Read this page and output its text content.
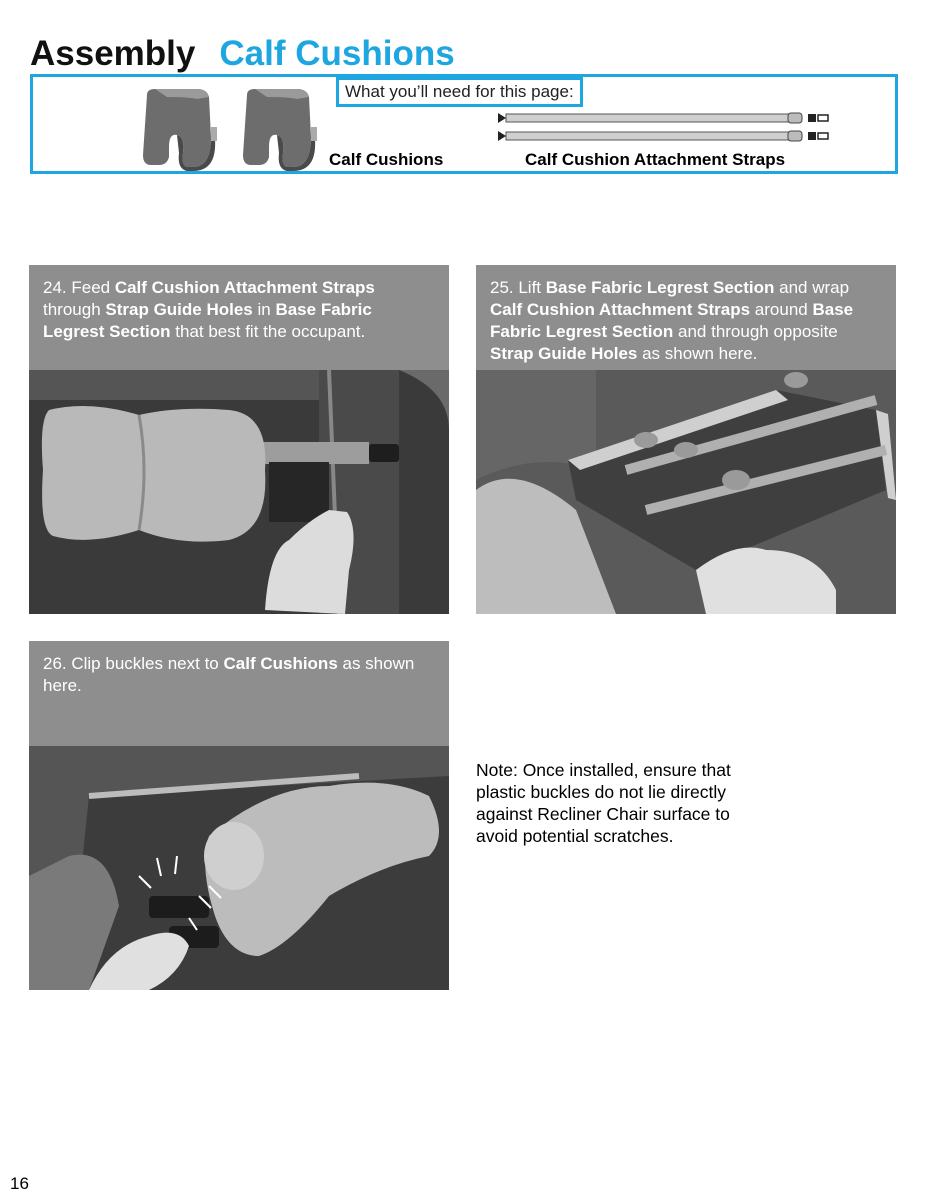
Assembly Calf Cushions
What you’ll need for this page:
Calf Cushions	Calf Cushion Attachment Straps
24. Feed Calf Cushion Attachment Straps through Strap Guide Holes in Base Fabric Legrest Section that best fit the occupant.
25. Lift Base Fabric Legrest Section and wrap Calf Cushion Attachment Straps around Base Fabric Legrest Section and through opposite Strap Guide Holes as shown here.
26. Clip buckles next to Calf Cushions as shown here.
Note: Once installed, ensure that plastic buckles do not lie directly against Recliner Chair surface to avoid potential scratches.
16
